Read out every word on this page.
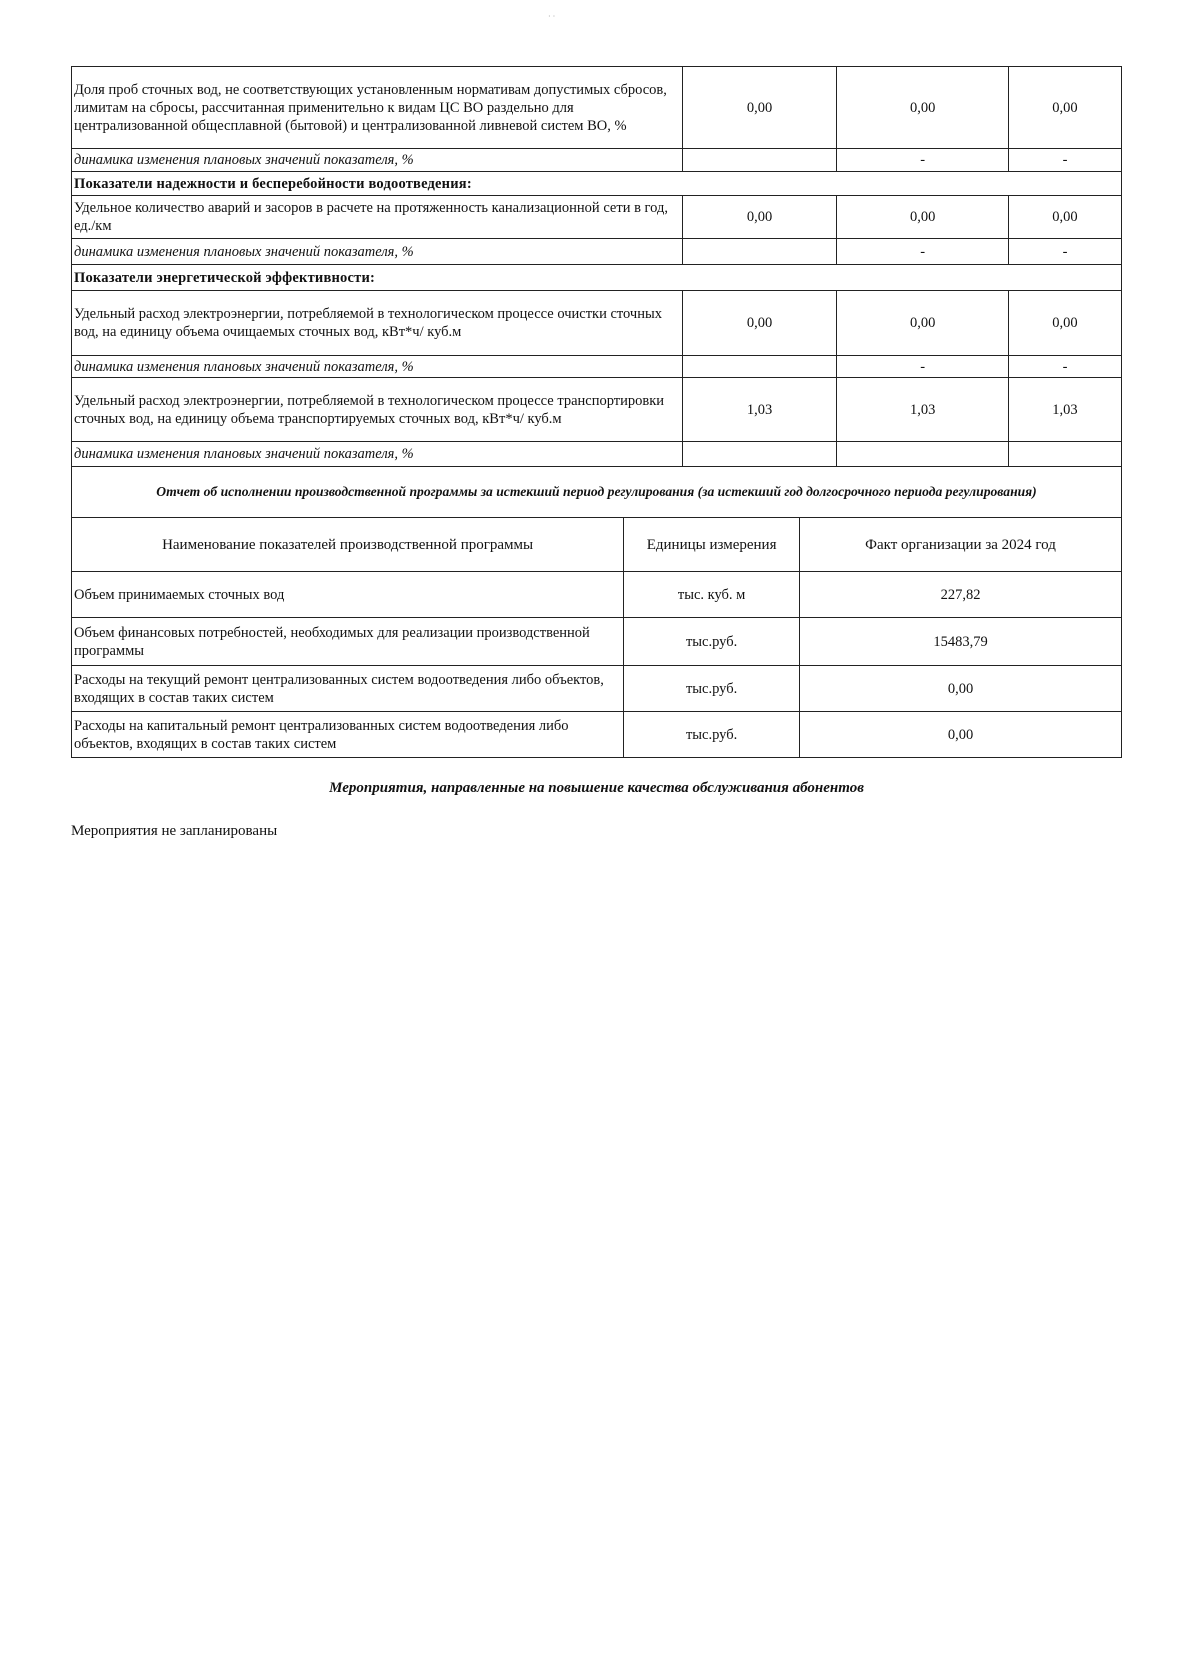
· ·
Доля проб сточных вод, не соответствующих установленным нормативам допустимых сбросов, лимитам на сбросы, рассчитанная применительно к видам ЦС ВО раздельно для централизованной общесплавной (бытовой) и централизованной ливневой систем ВО, %	0,00	0,00	0,00
динамика изменения плановых значений показателя, %		-	-
Показатели надежности и бесперебойности водоотведения:			
Удельное количество аварий и засоров в расчете на протяженность канализационной сети в год, ед./км	0,00	0,00	0,00
динамика изменения плановых значений показателя, %		-	-
Показатели энергетической эффективности:			
Удельный расход электроэнергии, потребляемой в технологическом процессе очистки сточных вод, на единицу объема очищаемых сточных вод, кВт*ч/ куб.м	0,00	0,00	0,00
динамика изменения плановых значений показателя, %		-	-
Удельный расход электроэнергии, потребляемой в технологическом процессе транспортировки сточных вод, на единицу объема транспортируемых сточных вод, кВт*ч/ куб.м	1,03	1,03	1,03
динамика изменения плановых значений показателя, %			
Отчет об исполнении производственной программы за истекший период регулирования (за истекший год долгосрочного периода регулирования)
Наименование показателей производственной программы	Единицы измерения	Факт организации за 2024 год
Объем принимаемых сточных вод	тыс. куб. м	227,82
Объем финансовых потребностей, необходимых для реализации производственной программы	тыс.руб.	15483,79
Расходы на текущий ремонт централизованных систем водоотведения либо объектов, входящих в состав таких систем	тыс.руб.	0,00
Расходы на капитальный ремонт централизованных систем водоотведения либо объектов, входящих в состав таких систем	тыс.руб.	0,00
Мероприятия, направленные на повышение качества обслуживания абонентов
Мероприятия не запланированы
